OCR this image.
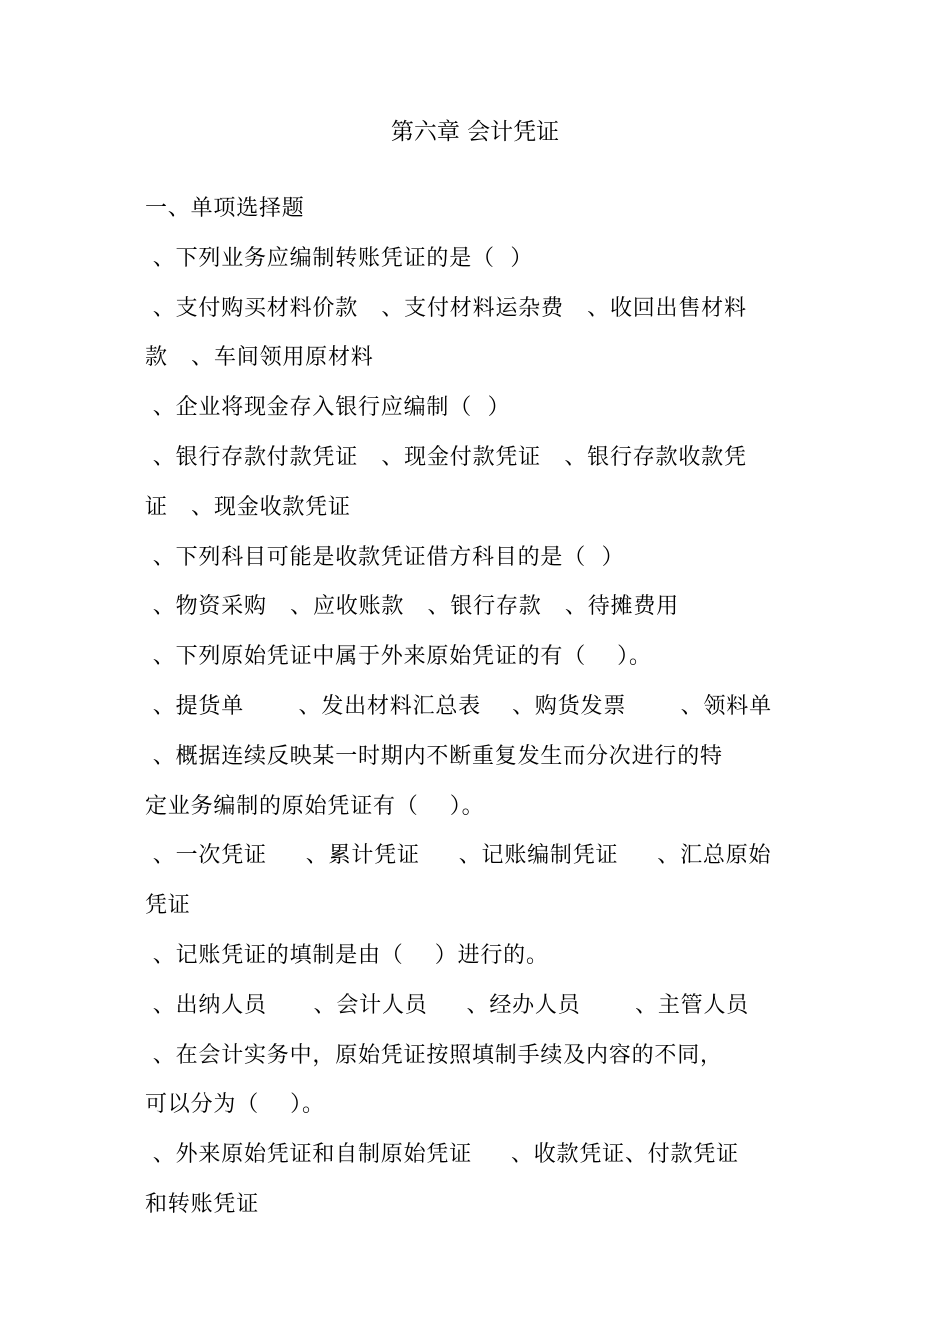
第六章 会计凭证
一、单项选择题
、下列业务应编制转账凭证的是（  ）
、支付购买材料价款   、支付材料运杂费   、收回出售材料
款   、车间领用原材料
、企业将现金存入银行应编制（  ）
、银行存款付款凭证   、现金付款凭证   、银行存款收款凭
证   、现金收款凭证
、下列科目可能是收款凭证借方科目的是（  ）
、物资采购   、应收账款   、银行存款   、待摊费用
、下列原始凭证中属于外来原始凭证的有（    ）。
、提货单       、发出材料汇总表    、购货发票       、领料单
、概据连续反映某一时期内不断重复发生而分次进行的特
定业务编制的原始凭证有（    ）。
、一次凭证     、累计凭证     、记账编制凭证     、汇总原始
凭证
、记账凭证的填制是由（    ）进行的。
、出纳人员      、会计人员     、经办人员       、主管人员
、在会计实务中，原始凭证按照填制手续及内容的不同，
可以分为（    ）。
、外来原始凭证和自制原始凭证     、收款凭证、付款凭证
和转账凭证
